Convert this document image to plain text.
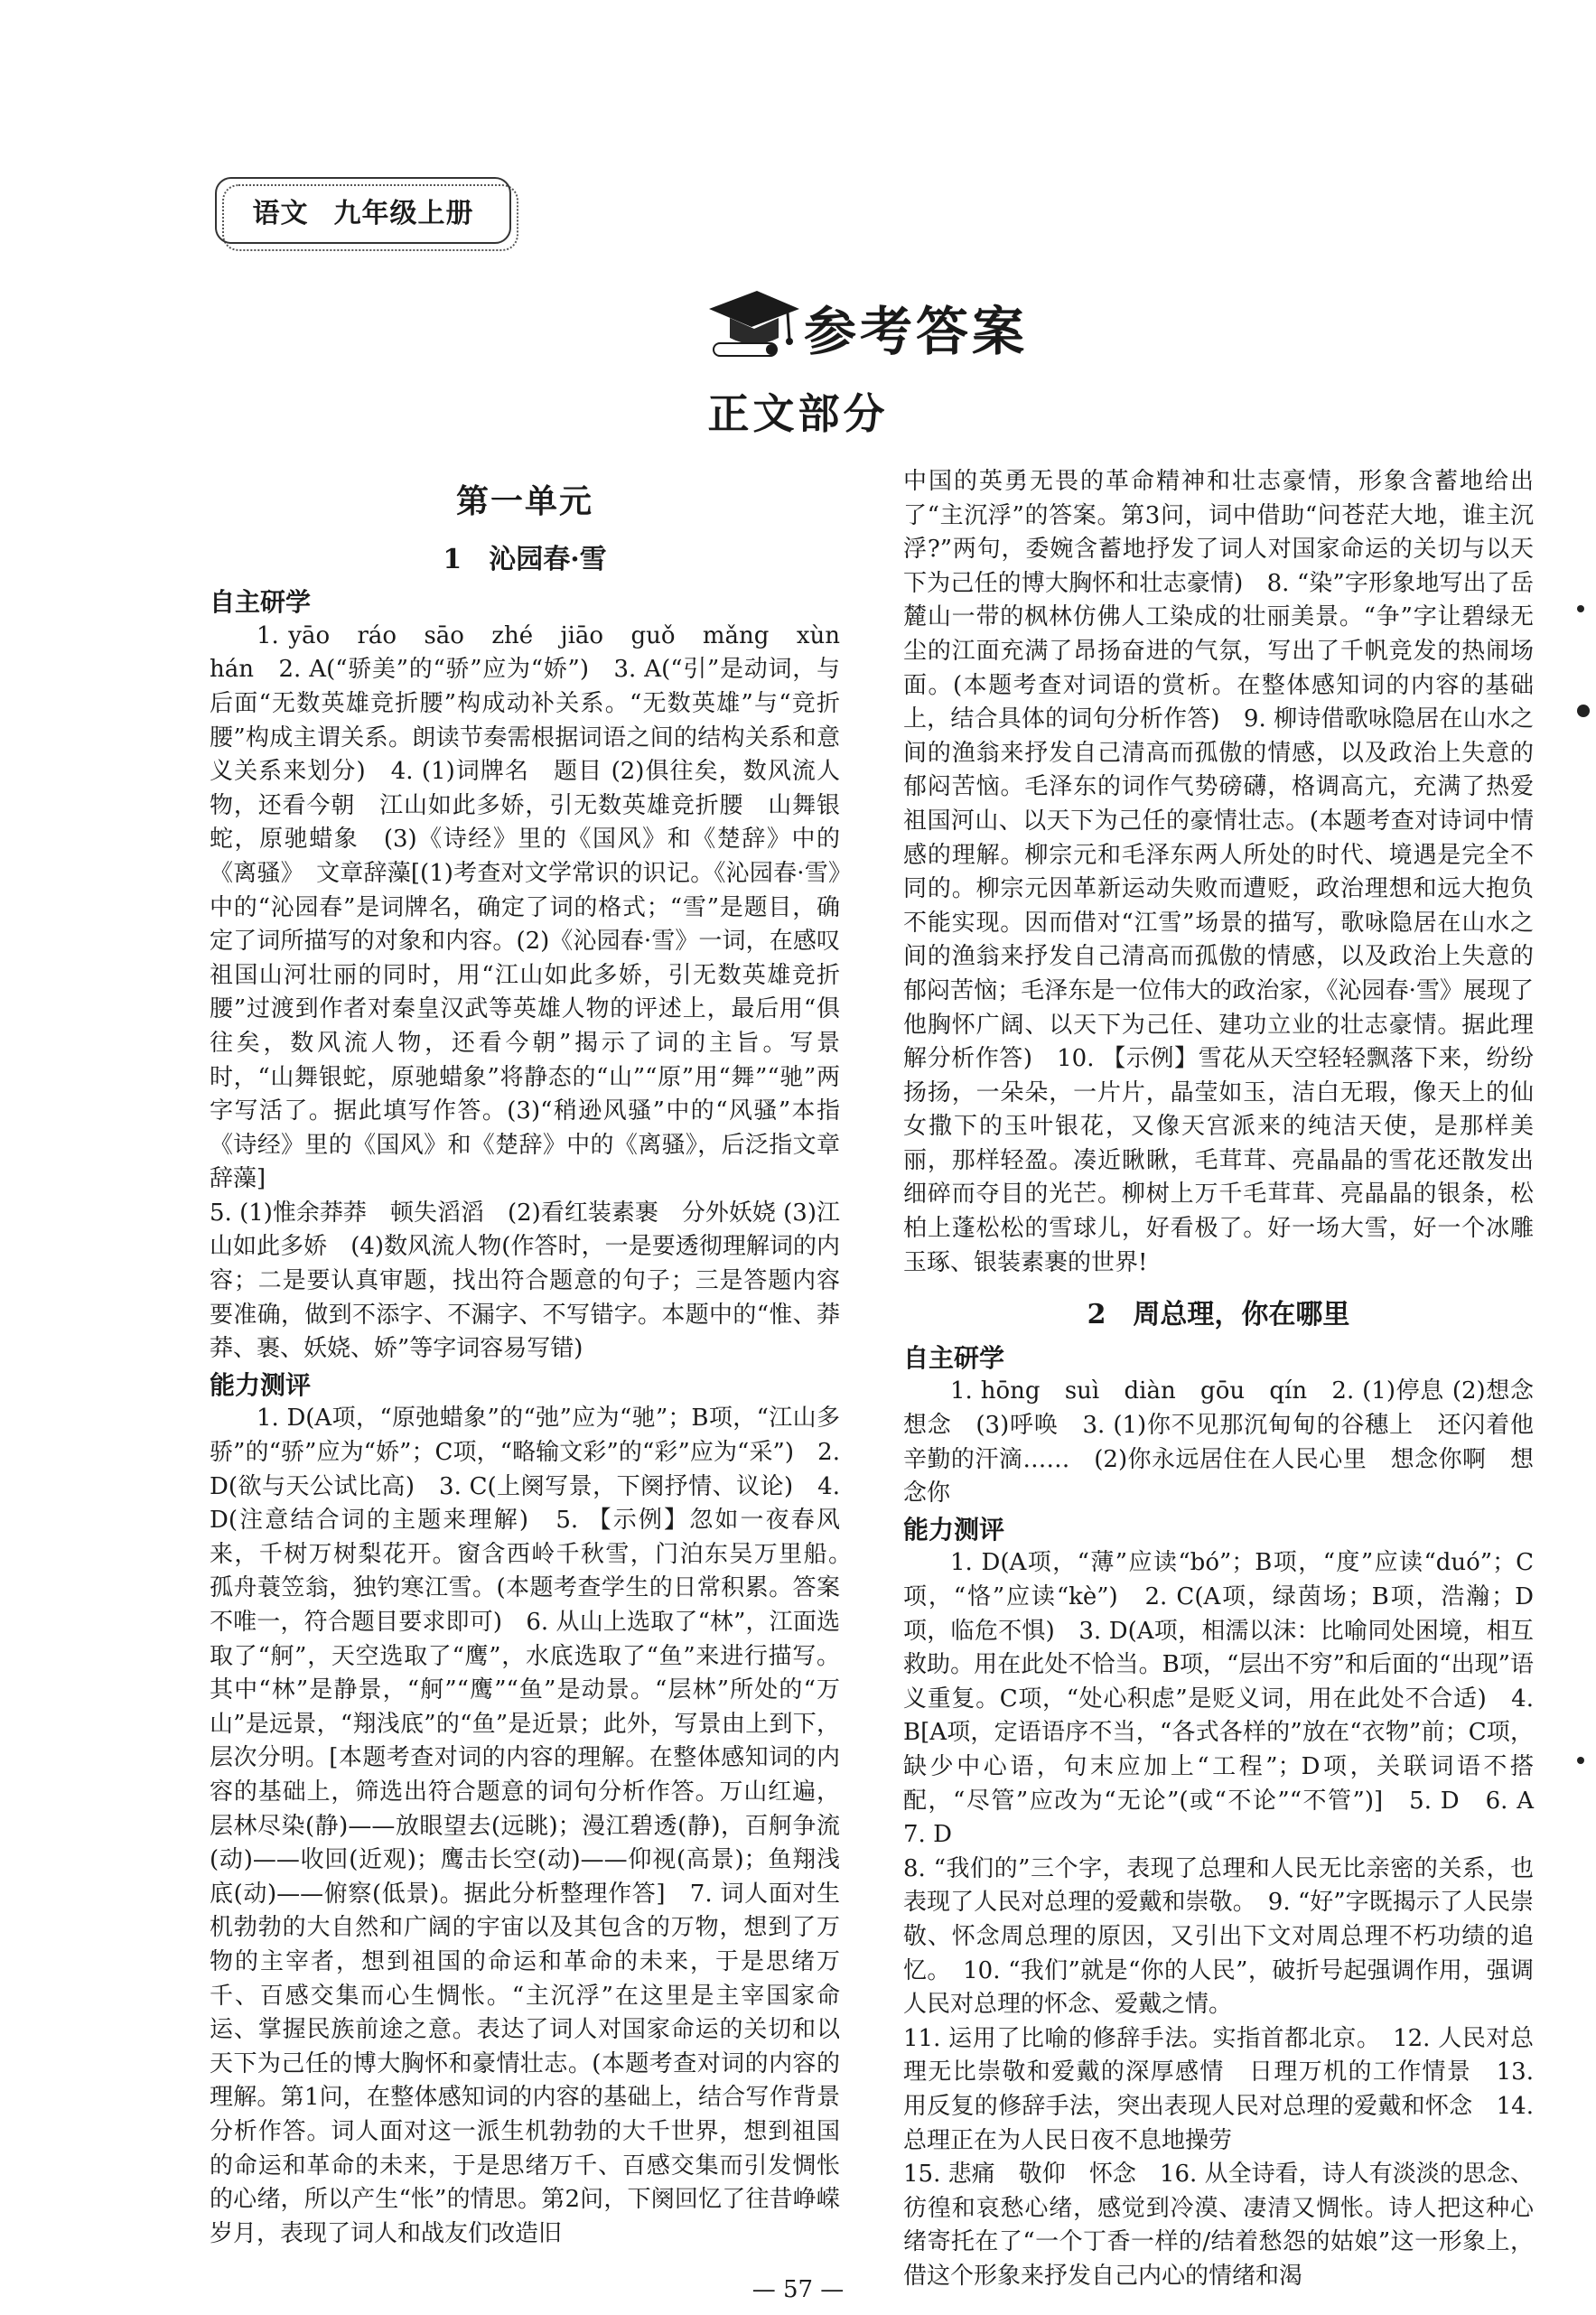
语文 九年级上册
参考答案
正文部分
第一单元
1　沁园春·雪
自主研学

1. yāo　ráo　sāo　zhé　jiāo　guǒ　mǎng　xùn hán　2. A(“骄美”的“骄”应为“娇”)　3. A(“引”是动词，与后面“无数英雄竞折腰”构成动补关系。“无数英雄”与“竞折腰”构成主谓关系。朗读节奏需根据词语之间的结构关系和意义关系来划分)　4. (1)词牌名　题目 (2)俱往矣，数风流人物，还看今朝　江山如此多娇，引无数英雄竞折腰　山舞银蛇，原驰蜡象　(3)《诗经》里的《国风》和《楚辞》中的《离骚》　文章辞藻[(1)考查对文学常识的识记。《沁园春·雪》中的“沁园春”是词牌名，确定了词的格式；“雪”是题目，确定了词所描写的对象和内容。(2)《沁园春·雪》一词，在感叹祖国山河壮丽的同时，用“江山如此多娇，引无数英雄竞折腰”过渡到作者对秦皇汉武等英雄人物的评述上，最后用“俱往矣，数风流人物，还看今朝”揭示了词的主旨。写景时，“山舞银蛇，原驰蜡象”将静态的“山”“原”用“舞”“驰”两字写活了。据此填写作答。(3)“稍逊风骚”中的“风骚”本指《诗经》里的《国风》和《楚辞》中的《离骚》，后泛指文章辞藻]

5. (1)惟余莽莽　顿失滔滔　(2)看红装素裹　分外妖娆 (3)江山如此多娇　(4)数风流人物(作答时，一是要透彻理解词的内容；二是要认真审题，找出符合题意的句子；三是答题内容要准确，做到不添字、不漏字、不写错字。本题中的“惟、莽莽、裹、妖娆、娇”等字词容易写错)

能力测评

1. D(A项，“原弛蜡象”的“弛”应为“驰”；B项，“江山多骄”的“骄”应为“娇”；C项，“略输文彩”的“彩”应为“采”)　2. D(欲与天公试比高)　3. C(上阕写景，下阕抒情、议论)　4. D(注意结合词的主题来理解)　5. 【示例】忽如一夜春风来，千树万树梨花开。窗含西岭千秋雪，门泊东吴万里船。　孤舟蓑笠翁，独钓寒江雪。(本题考查学生的日常积累。答案不唯一，符合题目要求即可)　6. 从山上选取了“林”，江面选取了“舸”，天空选取了“鹰”，水底选取了“鱼”来进行描写。其中“林”是静景，“舸”“鹰”“鱼”是动景。“层林”所处的“万山”是远景，“翔浅底”的“鱼”是近景；此外，写景由上到下，层次分明。[本题考查对词的内容的理解。在整体感知词的内容的基础上，筛选出符合题意的词句分析作答。万山红遍，层林尽染(静)——放眼望去(远眺)；漫江碧透(静)，百舸争流(动)——收回(近观)；鹰击长空(动)——仰视(高景)；鱼翔浅底(动)——俯察(低景)。据此分析整理作答]　7. 词人面对生机勃勃的大自然和广阔的宇宙以及其包含的万物，想到了万物的主宰者，想到祖国的命运和革命的未来，于是思绪万千、百感交集而心生惆怅。“主沉浮”在这里是主宰国家命运、掌握民族前途之意。表达了词人对国家命运的关切和以天下为己任的博大胸怀和豪情壮志。(本题考查对词的内容的理解。第1问，在整体感知词的内容的基础上，结合写作背景分析作答。词人面对这一派生机勃勃的大千世界，想到祖国的命运和革命的未来，于是思绪万千、百感交集而引发惆怅的心绪，所以产生“怅”的情思。第2问，下阕回忆了往昔峥嵘岁月，表现了词人和战友们改造旧

中国的英勇无畏的革命精神和壮志豪情，形象含蓄地给出了“主沉浮”的答案。第3问，词中借助“问苍茫大地，谁主沉浮?”两句，委婉含蓄地抒发了词人对国家命运的关切与以天下为己任的博大胸怀和壮志豪情)　8. “染”字形象地写出了岳麓山一带的枫林仿佛人工染成的壮丽美景。“争”字让碧绿无尘的江面充满了昂扬奋进的气氛，写出了千帆竞发的热闹场面。(本题考查对词语的赏析。在整体感知词的内容的基础上，结合具体的词句分析作答)　9. 柳诗借歌咏隐居在山水之间的渔翁来抒发自己清高而孤傲的情感，以及政治上失意的郁闷苦恼。毛泽东的词作气势磅礴，格调高亢，充满了热爱祖国河山、以天下为己任的豪情壮志。(本题考查对诗词中情感的理解。柳宗元和毛泽东两人所处的时代、境遇是完全不同的。柳宗元因革新运动失败而遭贬，政治理想和远大抱负不能实现。因而借对“江雪”场景的描写，歌咏隐居在山水之间的渔翁来抒发自己清高而孤傲的情感，以及政治上失意的郁闷苦恼；毛泽东是一位伟大的政治家，《沁园春·雪》展现了他胸怀广阔、以天下为己任、建功立业的壮志豪情。据此理解分析作答)　10. 【示例】雪花从天空轻轻飘落下来，纷纷扬扬，一朵朵，一片片，晶莹如玉，洁白无瑕，像天上的仙女撒下的玉叶银花，又像天宫派来的纯洁天使，是那样美丽，那样轻盈。凑近瞅瞅，毛茸茸、亮晶晶的雪花还散发出细碎而夺目的光芒。柳树上万千毛茸茸、亮晶晶的银条，松柏上蓬松松的雪球儿，好看极了。好一场大雪，好一个冰雕玉琢、银装素裹的世界!

2　周总理，你在哪里
自主研学

1. hōng　suì　diàn　gōu　qín　2. (1)停息 (2)想念　想念　(3)呼唤　3. (1)你不见那沉甸甸的谷穗上　还闪着他辛勤的汗滴……　(2)你永远居住在人民心里　想念你啊　想念你

能力测评

1. D(A项，“薄”应读“bó”；B项，“度”应读“duó”；C项，“恪”应读“kè”)　2. C(A项，绿茵场；B项，浩瀚；D项，临危不惧)　3. D(A项，相濡以沫：比喻同处困境，相互救助。用在此处不恰当。B项，“层出不穷”和后面的“出现”语义重复。C项，“处心积虑”是贬义词，用在此处不合适)　4. B[A项，定语语序不当，“各式各样的”放在“衣物”前；C项，缺少中心语，句末应加上“工程”；D项，关联词语不搭配，“尽管”应改为“无论”(或“不论”“不管”)]　5. D　6. A　7. D

8. “我们的”三个字，表现了总理和人民无比亲密的关系，也表现了人民对总理的爱戴和崇敬。　9. “好”字既揭示了人民崇敬、怀念周总理的原因，又引出下文对周总理不朽功绩的追忆。　10. “我们”就是“你的人民”，破折号起强调作用，强调人民对总理的怀念、爱戴之情。

11. 运用了比喻的修辞手法。实指首都北京。　12. 人民对总理无比崇敬和爱戴的深厚感情　日理万机的工作情景　13. 用反复的修辞手法，突出表现人民对总理的爱戴和怀念　14. 总理正在为人民日夜不息地操劳

15. 悲痛　敬仰　怀念　16. 从全诗看，诗人有淡淡的思念、彷徨和哀愁心绪，感觉到冷漠、凄清又惆怅。诗人把这种心绪寄托在了“一个丁香一样的/结着愁怨的姑娘”这一形象上，借这个形象来抒发自己内心的情绪和渴

— 57 —
